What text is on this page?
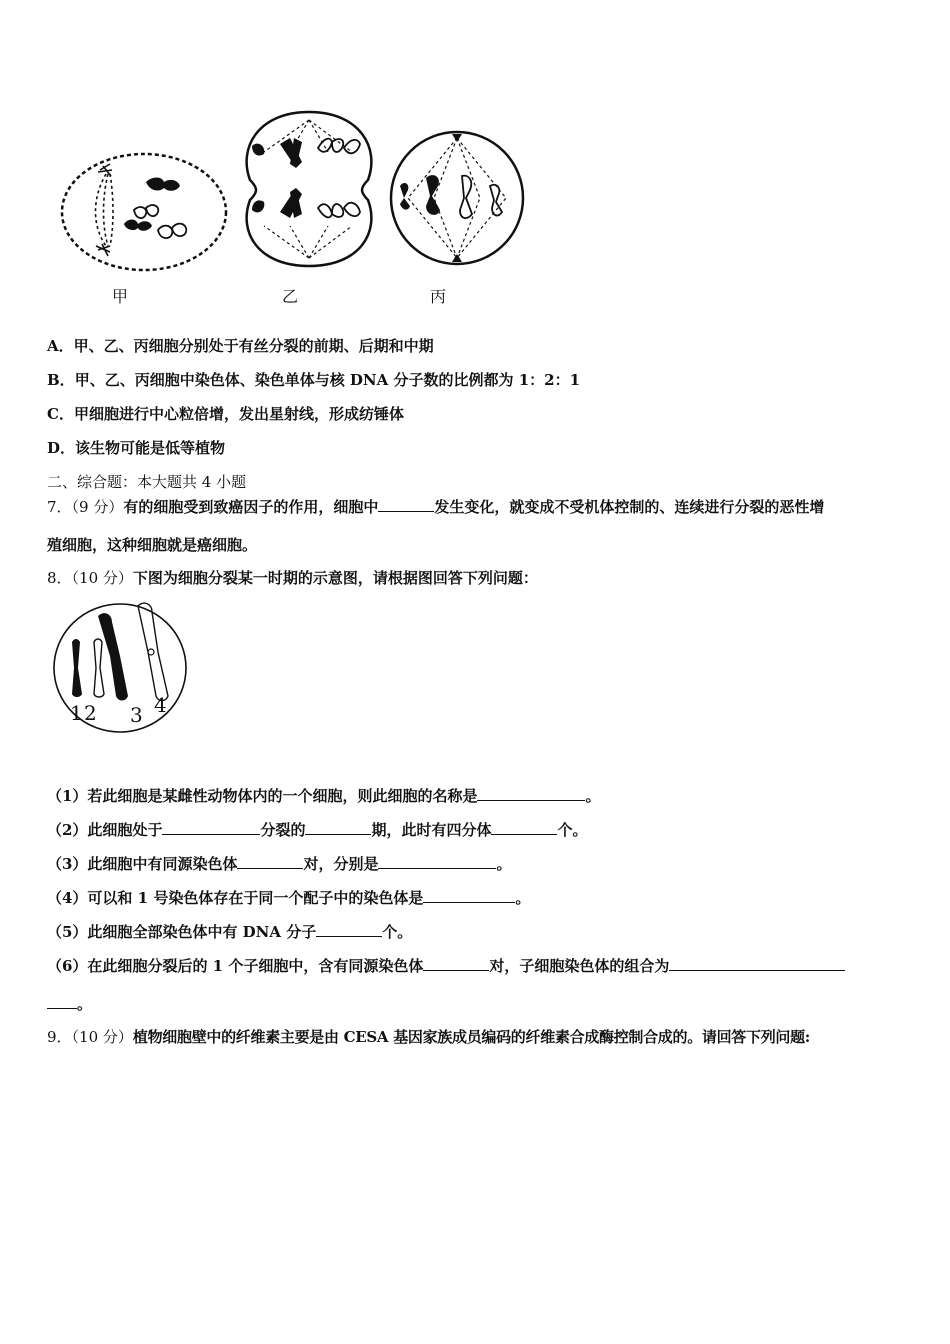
甲	乙	丙
A．甲、乙、丙细胞分别处于有丝分裂的前期、后期和中期
B．甲、乙、丙细胞中染色体、染色单体与核 DNA 分子数的比例都为 1：2：1
C．甲细胞进行中心粒倍增，发出星射线，形成纺锤体
D．该生物可能是低等植物
二、综合题：本大题共 4 小题
7．（9 分）有的细胞受到致癌因子的作用，细胞中	发生变化，就变成不受机体控制的、连续进行分裂的恶性增
殖细胞，这种细胞就是癌细胞。
8．（10 分）下图为细胞分裂某一时期的示意图，请根据图回答下列问题：
1 2 3 4
（1）若此细胞是某雌性动物体内的一个细胞，则此细胞的名称是	。
（2）此细胞处于	分裂的	期，此时有四分体	个。
（3）此细胞中有同源染色体	对，分别是	。
（4）可以和 1 号染色体存在于同一个配子中的染色体是	。
（5）此细胞全部染色体中有 DNA 分子	个。
（6）在此细胞分裂后的 1 个子细胞中，含有同源染色体	对，子细胞染色体的组合为
。
9．（10 分）植物细胞壁中的纤维素主要是由 CESA 基因家族成员编码的纤维素合成酶控制合成的。请回答下列问题:
